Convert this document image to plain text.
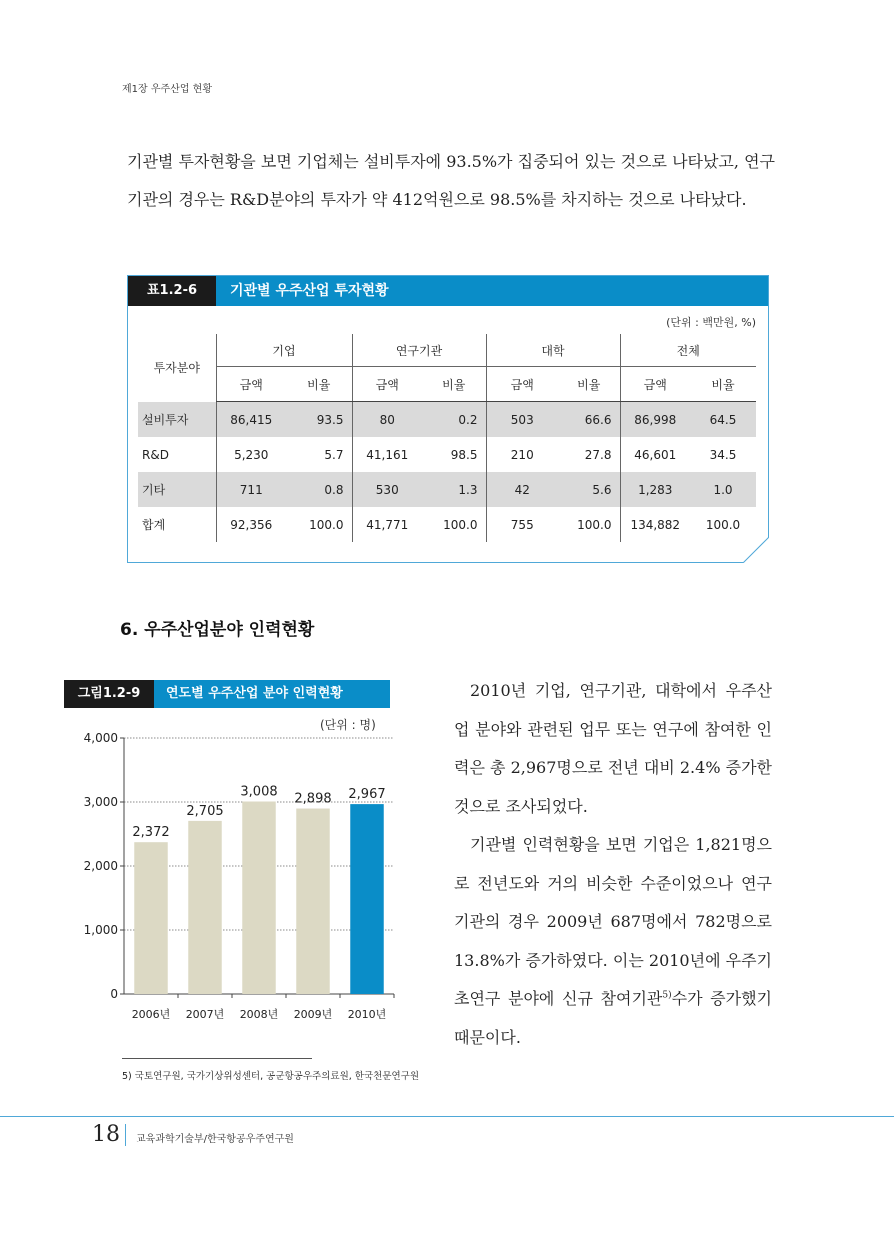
제1장 우주산업 현황
기관별 투자현황을 보면 기업체는 설비투자에 93.5%가 집중되어 있는 것으로 나타났고, 연구기관의 경우는 R&D분야의 투자가 약 412억원으로 98.5%를 차지하는 것으로 나타났다.
표1.2-6	기관별 우주산업 투자현황
(단위 : 백만원, %)
투자분야	기업		연구기관		대학		전체	
	금액	비율	금액	비율	금액	비율	금액	비율
설비투자	86,415	93.5	80	0.2	503	66.6	86,998	64.5
R&D	5,230	5.7	41,161	98.5	210	27.8	46,601	34.5
기타	711	0.8	530	1.3	42	5.6	1,283	1.0
합계	92,356	100.0	41,771	100.0	755	100.0	134,882	100.0
6. 우주산업분야 인력현황
그림1.2-9	연도별 우주산업 분야 인력현황
(단위 : 명)
0
1,000
2,000
3,000
4,000
2,372
2006년
2,705
2007년
3,008
2008년
2,898
2009년
2,967
2010년

2010년 기업, 연구기관, 대학에서 우주산업 분야와 관련된 업무 또는 연구에 참여한 인력은 총 2,967명으로 전년 대비 2.4% 증가한 것으로 조사되었다.

기관별 인력현황을 보면 기업은 1,821명으로 전년도와 거의 비슷한 수준이었으나 연구기관의 경우 2009년 687명에서 782명으로 13.8%가 증가하였다. 이는 2010년에 우주기초연구 분야에 신규 참여기관$^{5)}$수가 증가했기 때문이다.

5) 국토연구원, 국가기상위성센터, 공군항공우주의료원, 한국천문연구원
18 교육과학기술부/한국항공우주연구원
